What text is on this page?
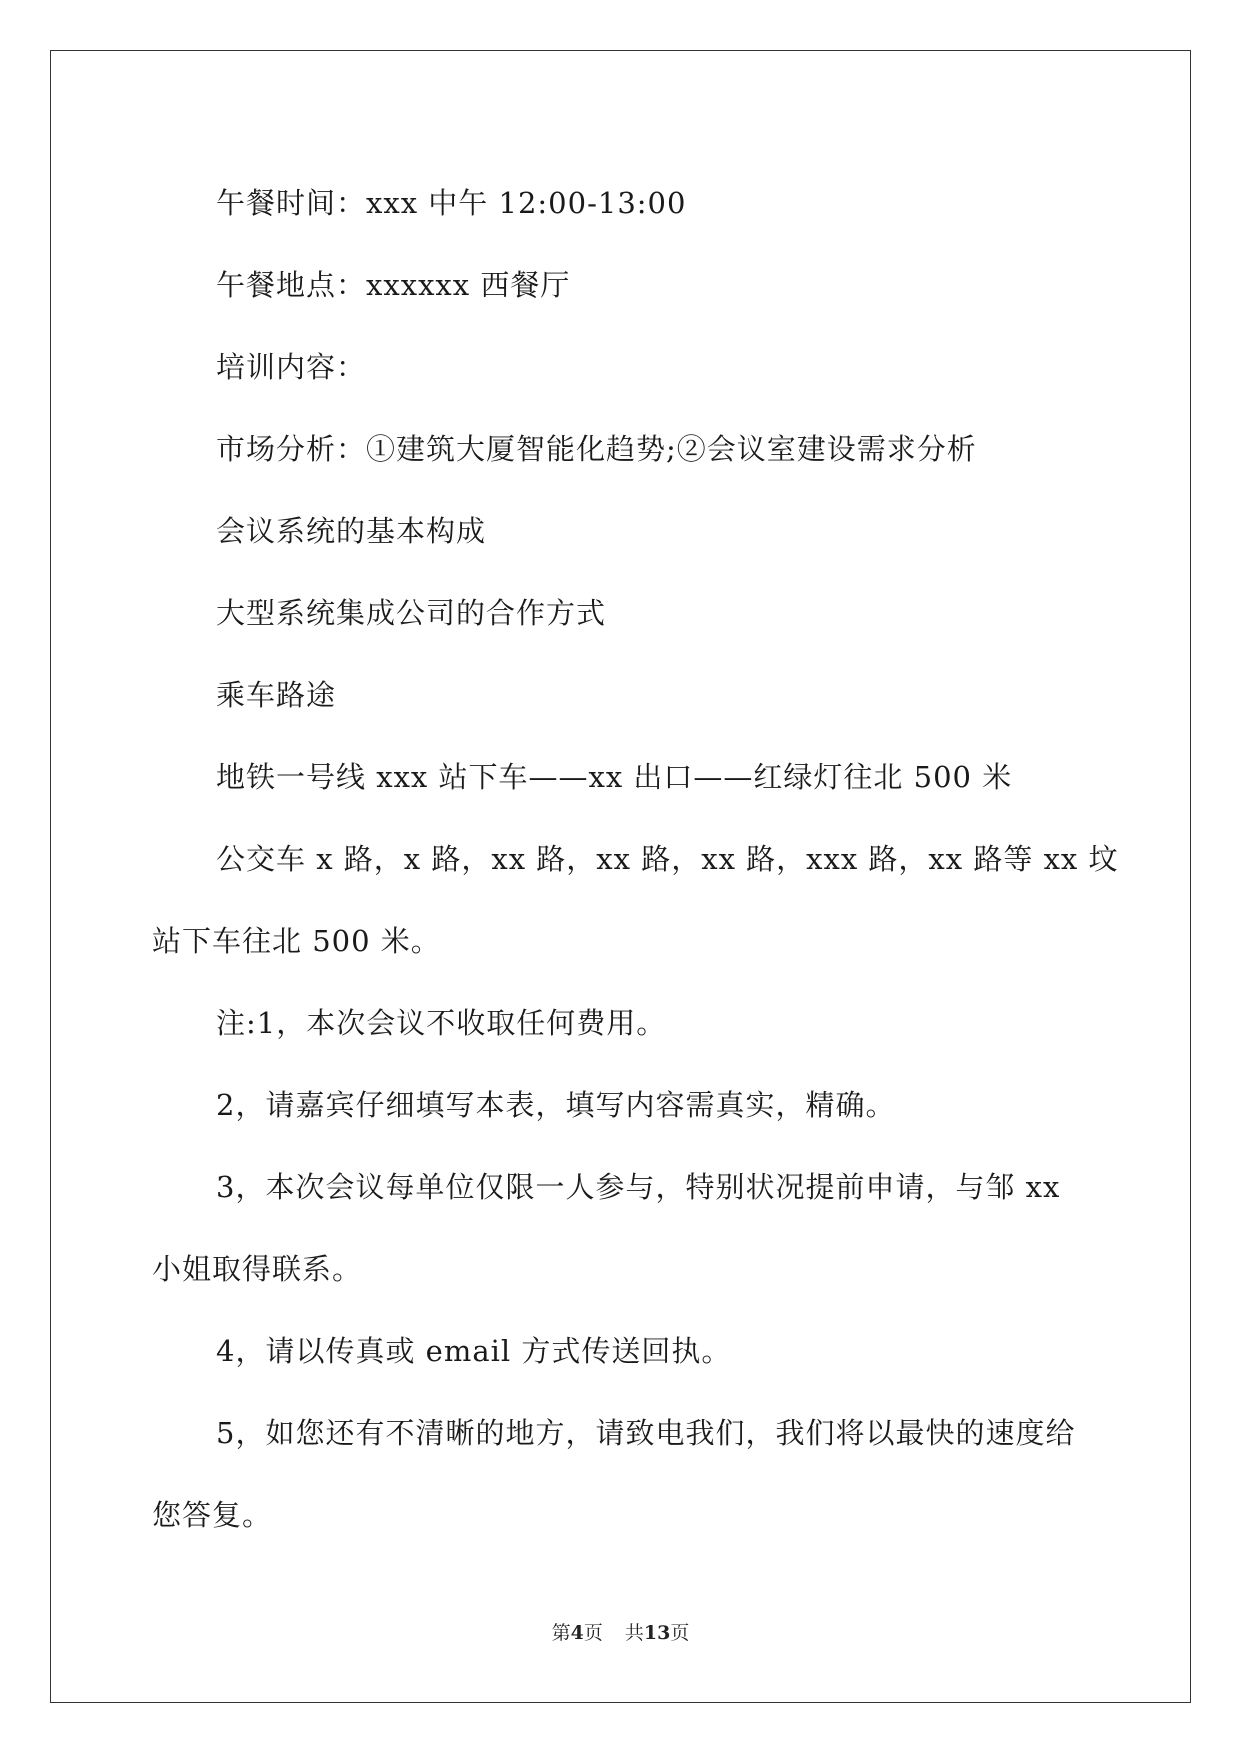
午餐时间：xxx 中午 12:00-13:00

午餐地点：xxxxxx 西餐厅

培训内容：

市场分析：①建筑大厦智能化趋势;②会议室建设需求分析

会议系统的基本构成

大型系统集成公司的合作方式

乘车路途

地铁一号线 xxx 站下车——xx 出口——红绿灯往北 500 米

公交车 x 路，x 路，xx 路，xx 路，xx 路，xxx 路，xx 路等 xx 坟

站下车往北 500 米。

注:1，本次会议不收取任何费用。

2，请嘉宾仔细填写本表，填写内容需真实，精确。

3，本次会议每单位仅限一人参与，特别状况提前申请，与邹 xx

小姐取得联系。

4，请以传真或 email 方式传送回执。

5，如您还有不清晰的地方，请致电我们，我们将以最快的速度给

您答复。

第4页 共13页
